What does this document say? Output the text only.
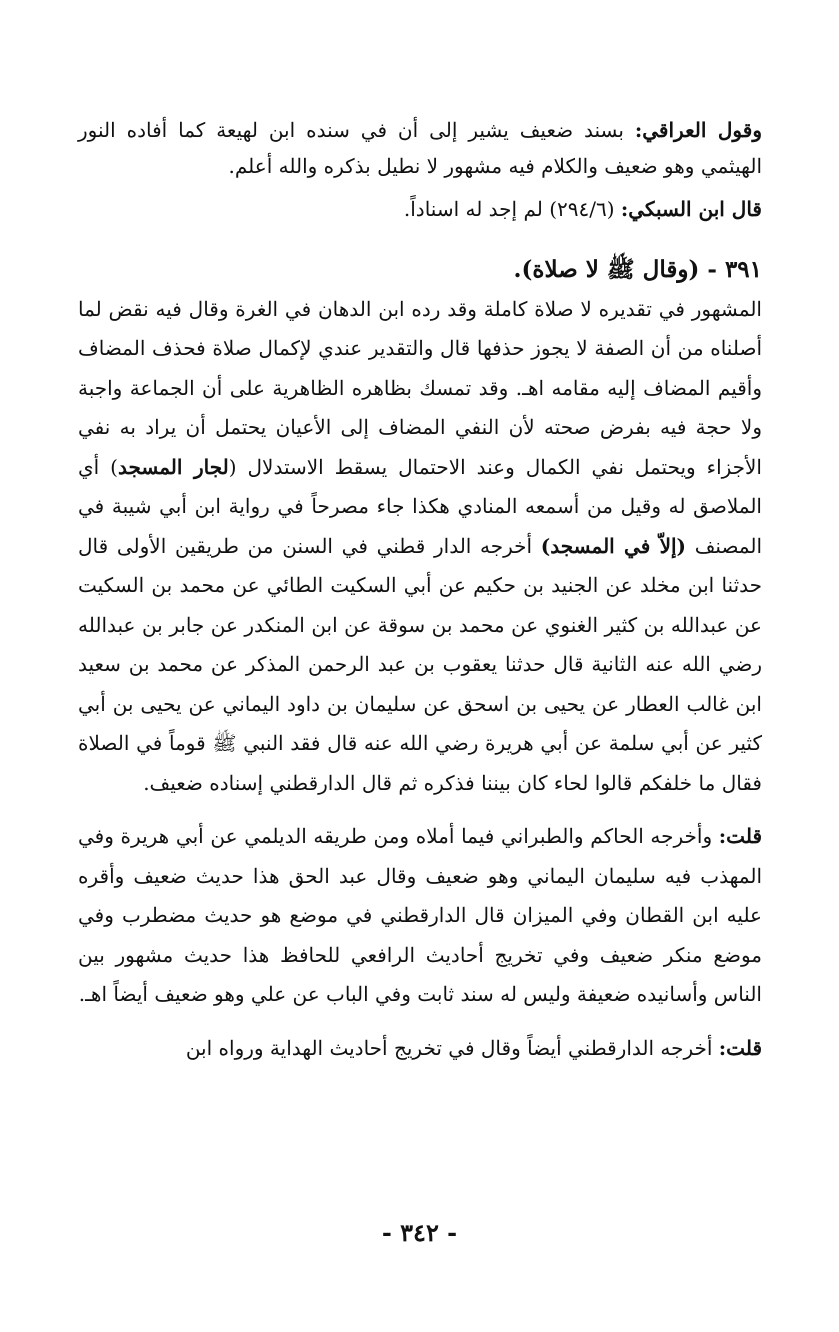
وقول العراقي: بسند ضعيف يشير إلى أن في سنده ابن لهيعة كما أفاده النور الهيثمي وهو ضعيف والكلام فيه مشهور لا نطيل بذكره والله أعلم.

قال ابن السبكي: (٢٩٤/٦) لم إجد له اسناداً.

٣٩١ - (وقال ﷺ لا صلاة).

المشهور في تقديره لا صلاة كاملة وقد رده ابن الدهان في الغرة وقال فيه نقض لما أصلناه من أن الصفة لا يجوز حذفها قال والتقدير عندي لإكمال صلاة فحذف المضاف وأقيم المضاف إليه مقامه اهـ. وقد تمسك بظاهره الظاهرية على أن الجماعة واجبة ولا حجة فيه بفرض صحته لأن النفي المضاف إلى الأعيان يحتمل أن يراد به نفي الأجزاء ويحتمل نفي الكمال وعند الاحتمال يسقط الاستدلال (لجار المسجد) أي الملاصق له وقيل من أسمعه المنادي هكذا جاء مصرحاً في رواية ابن أبي شيبة في المصنف (إلاّ في المسجد) أخرجه الدار قطني في السنن من طريقين الأولى قال حدثنا ابن مخلد عن الجنيد بن حكيم عن أبي السكيت الطائي عن محمد بن السكيت عن عبدالله بن كثير الغنوي عن محمد بن سوقة عن ابن المنكدر عن جابر بن عبدالله رضي الله عنه الثانية قال حدثنا يعقوب بن عبد الرحمن المذكر عن محمد بن سعيد ابن غالب العطار عن يحيى بن اسحق عن سليمان بن داود اليماني عن يحيى بن أبي كثير عن أبي سلمة عن أبي هريرة رضي الله عنه قال فقد النبي ﷺ قوماً في الصلاة فقال ما خلفكم قالوا لحاء كان بيننا فذكره ثم قال الدارقطني إسناده ضعيف.

قلت: وأخرجه الحاكم والطبراني فيما أملاه ومن طريقه الديلمي عن أبي هريرة وفي المهذب فيه سليمان اليماني وهو ضعيف وقال عبد الحق هذا حديث ضعيف وأقره عليه ابن القطان وفي الميزان قال الدارقطني في موضع هو حديث مضطرب وفي موضع منكر ضعيف وفي تخريج أحاديث الرافعي للحافظ هذا حديث مشهور بين الناس وأسانيده ضعيفة وليس له سند ثابت وفي الباب عن علي وهو ضعيف أيضاً اهـ.

قلت: أخرجه الدارقطني أيضاً وقال في تخريج أحاديث الهداية ورواه ابن

- ٣٤٢ -
